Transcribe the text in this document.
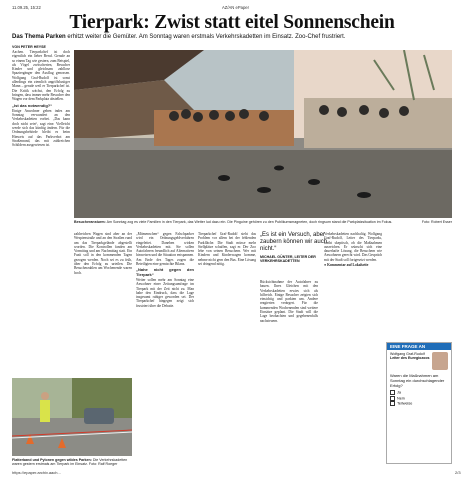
11.09.25, 15:22	AZ/AN ePaper
Tierpark: Zwist statt eitel Sonnenschein
Das Thema Parken erhitzt weiter die Gemüter. Am Sonntag waren erstmals Verkehrskadetten im Einsatz. Zoo-Chef frustriert.
VON PETER HEYSE

Aachen. Tierparkchef ist doch eigentlich ein lieber Beruf. Gerade an so einem Tag wie gestern, zum Beispiel, als Vögel zwitscherten, Besucher Kinder und gleichsam zahllose Spaziergänger den Ausflug genossen. Wolfgang Graf-Rudolf ist sonst allerdings ein ziemlich angriffslustiger Mann – gerade weil er Tierparkchef ist. Die Kritik wächst, den Erfolg zu bringen, dass immer mehr Besucher den Wagen vor dem Parkplatz abstellen.

„Ist das notwendig?“

Einige Anwohner gehen indes am Sonntag verwundert an den Verkehrskadetten vorbei. „Das kann doch nicht sein“, sagt eine. Vielleicht werde sich das künftig ändern. Für die Ordnungsbehörde bleibt es beim Hinweis auf das Parkverbot am Straßenrand, das mit zahlreichen Schildern ausgewiesen ist.

Besucheransturm: Am Sonntag zog es viele Familien in den Tierpark, das Wetter lud dazu ein. Die Pinguine gehören zu den Publikumsmagneten, doch ringsum stand die Parkplatzsituation im Fokus.	Foto: Robert Esser

zahlreichen Wagen sind aber an der Wespienstraße und an den Straßen rund um das Tierparkgelände abgestellt worden. Die Kontrollen fanden am Vormittag und am Nachmittag statt. Ein Fazit soll in den kommenden Tagen gezogen werden. Noch sei es zu früh, über den Erfolg zu urteilen. Die Besucherzahlen am Wochenende waren hoch.

„Mitmenschen“ gegen Falschparker wird ein Ordnungsgeldverfahren eingeleitet. Daneben wirken Verkehrskadetten mit. Sie sollen Autofahrern freundlich auf Alternativen hinweisen und die Situation entspannen. Am Ende des Tages zogen die Beteiligten eine gemischte Bilanz.

„Nahe nicht gegen den Tierpark“

Weiter sollen mehr am Sonntag eine Anwohner einer Zeitungsumfrage im Tierpark mit der Zeit nicht zu. Man habe den Eindruck, dass die Lage insgesamt ruhiger geworden sei. Der Tierparkchef hingegen zeigt sich frustriert über die Debatte.

Tierparkchef Graf-Rudolf sieht das Problem vor allem bei der fehlenden Parkfläche. Die Stadt müsse mehr Stellplätze schaffen, sagt er. Der Zoo lebe von seinen Besuchern. Wer mit Kindern und Kinderwagen komme, nehme nicht gern den Bus. Eine Lösung sei dringend nötig.

„Es ist ein Versuch, aber zaubern können wir auch nicht.“
MICHAEL GÜNTER, LEITER DER VERKEHRSKADETTEN

Rücksichtnahme der Autofahrer zu bauen. Ihres Gleichen mit den Verkehrskadetten erwies sich als hilfreich. Einige Besucher zeigten sich einsichtig und parkten um. Andere reagierten verärgert. Für die kommenden Wochenenden sind weitere Einsätze geplant. Die Stadt will die Lage beobachten und gegebenenfalls nachsteuern.

Verkehrskadetten nachhaltig. Wolfgang Graf-Rudolf, Leiter des Tierparks, bleibt skeptisch, ob die Maßnahmen ausreichen. Er wünscht sich eine dauerhafte Lösung, die Besuchern wie Anwohnern gerecht wird. Das Gespräch mit der Stadt soll fortgesetzt werden.

● Kommentar auf Lokalseite

EINE FRAGE AN
Wolfgang Graf-Rudolf
Leiter des Euregiozoos
Waren die Maßnahmen am Sonntag ein durchschlagender Erfolg?
Ja
Nein
Teilweise
Flatterband und Pylonen gegen wildes Parken: Die Verkehrskadetten waren gestern erstmals am Tierpark im Einsatz. Foto: Ralf Roeger
https://epaper.archiv.aach...	2/3
